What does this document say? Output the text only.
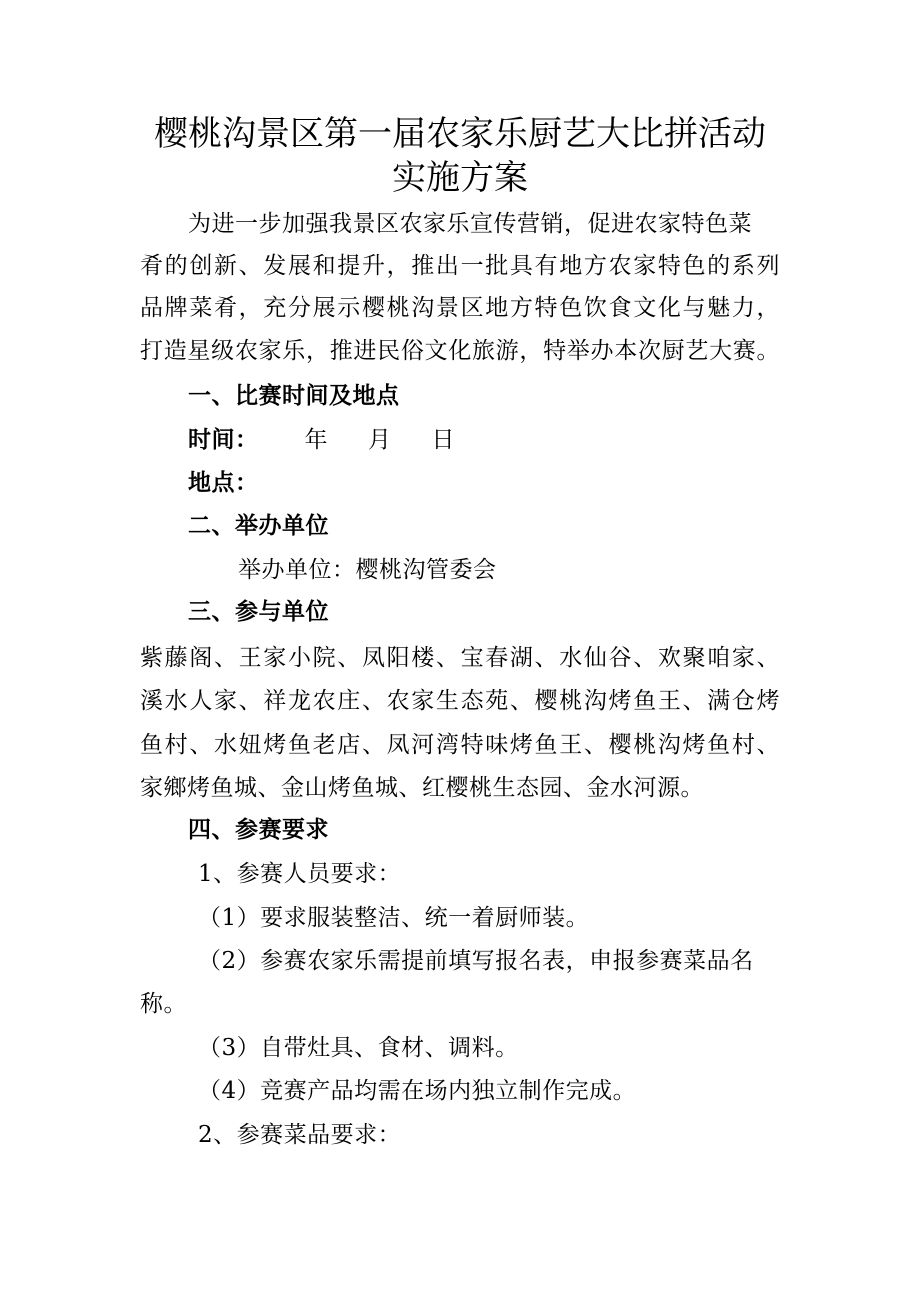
樱桃沟景区第一届农家乐厨艺大比拼活动
实施方案

为进一步加强我景区农家乐宣传营销，促进农家特色菜

肴的创新、发展和提升，推出一批具有地方农家特色的系列

品牌菜肴，充分展示樱桃沟景区地方特色饮食文化与魅力，

打造星级农家乐，推进民俗文化旅游，特举办本次厨艺大赛。

一、比赛时间及地点

时间： 年 月 日

地点：

二、举办单位

举办单位：樱桃沟管委会

三、参与单位

紫藤阁、王家小院、凤阳楼、宝春湖、水仙谷、欢聚咱家、

溪水人家、祥龙农庄、农家生态苑、樱桃沟烤鱼王、满仓烤

鱼村、水妞烤鱼老店、凤河湾特味烤鱼王、樱桃沟烤鱼村、

家鄉烤鱼城、金山烤鱼城、红樱桃生态园、金水河源。

四、参赛要求

1、参赛人员要求：

（1）要求服装整洁、统一着厨师装。

（2）参赛农家乐需提前填写报名表，申报参赛菜品名

称。

（3）自带灶具、食材、调料。

（4）竞赛产品均需在场内独立制作完成。

2、参赛菜品要求：
